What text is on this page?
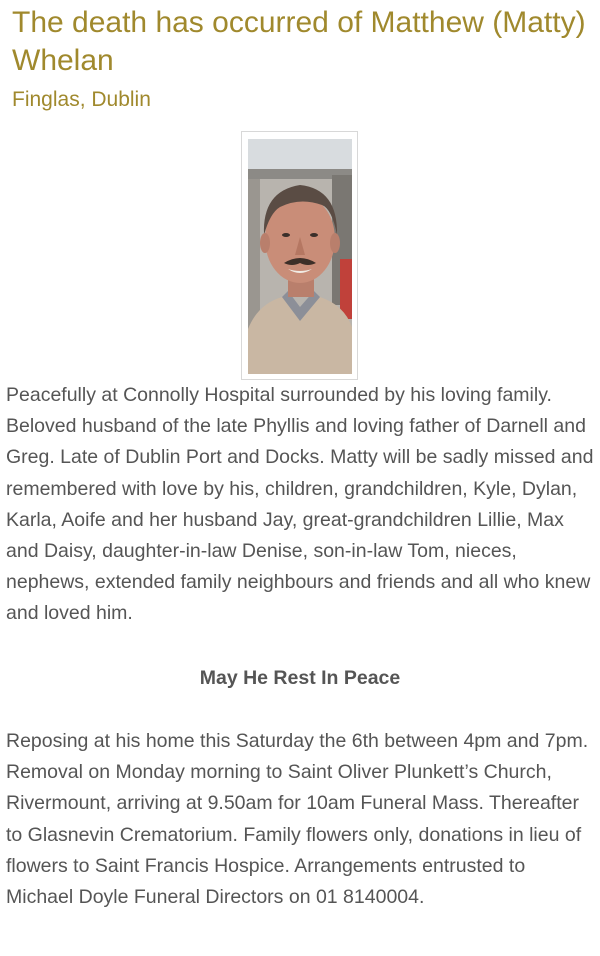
The death has occurred of Matthew (Matty) Whelan

Finglas, Dublin

Peacefully at Connolly Hospital surrounded by his loving family. Beloved husband of the late Phyllis and loving father of Darnell and Greg. Late of Dublin Port and Docks. Matty will be sadly missed and remembered with love by his, children, grandchildren, Kyle, Dylan, Karla, Aoife and her husband Jay, great-grandchildren Lillie, Max and Daisy, daughter-in-law Denise, son-in-law Tom, nieces, nephews, extended family neighbours and friends and all who knew and loved him.

May He Rest In Peace

Reposing at his home this Saturday the 6th between 4pm and 7pm. Removal on Monday morning to Saint Oliver Plunkett’s Church, Rivermount, arriving at 9.50am for 10am Funeral Mass. Thereafter to Glasnevin Crematorium. Family flowers only, donations in lieu of flowers to Saint Francis Hospice. Arrangements entrusted to Michael Doyle Funeral Directors on 01 8140004.
